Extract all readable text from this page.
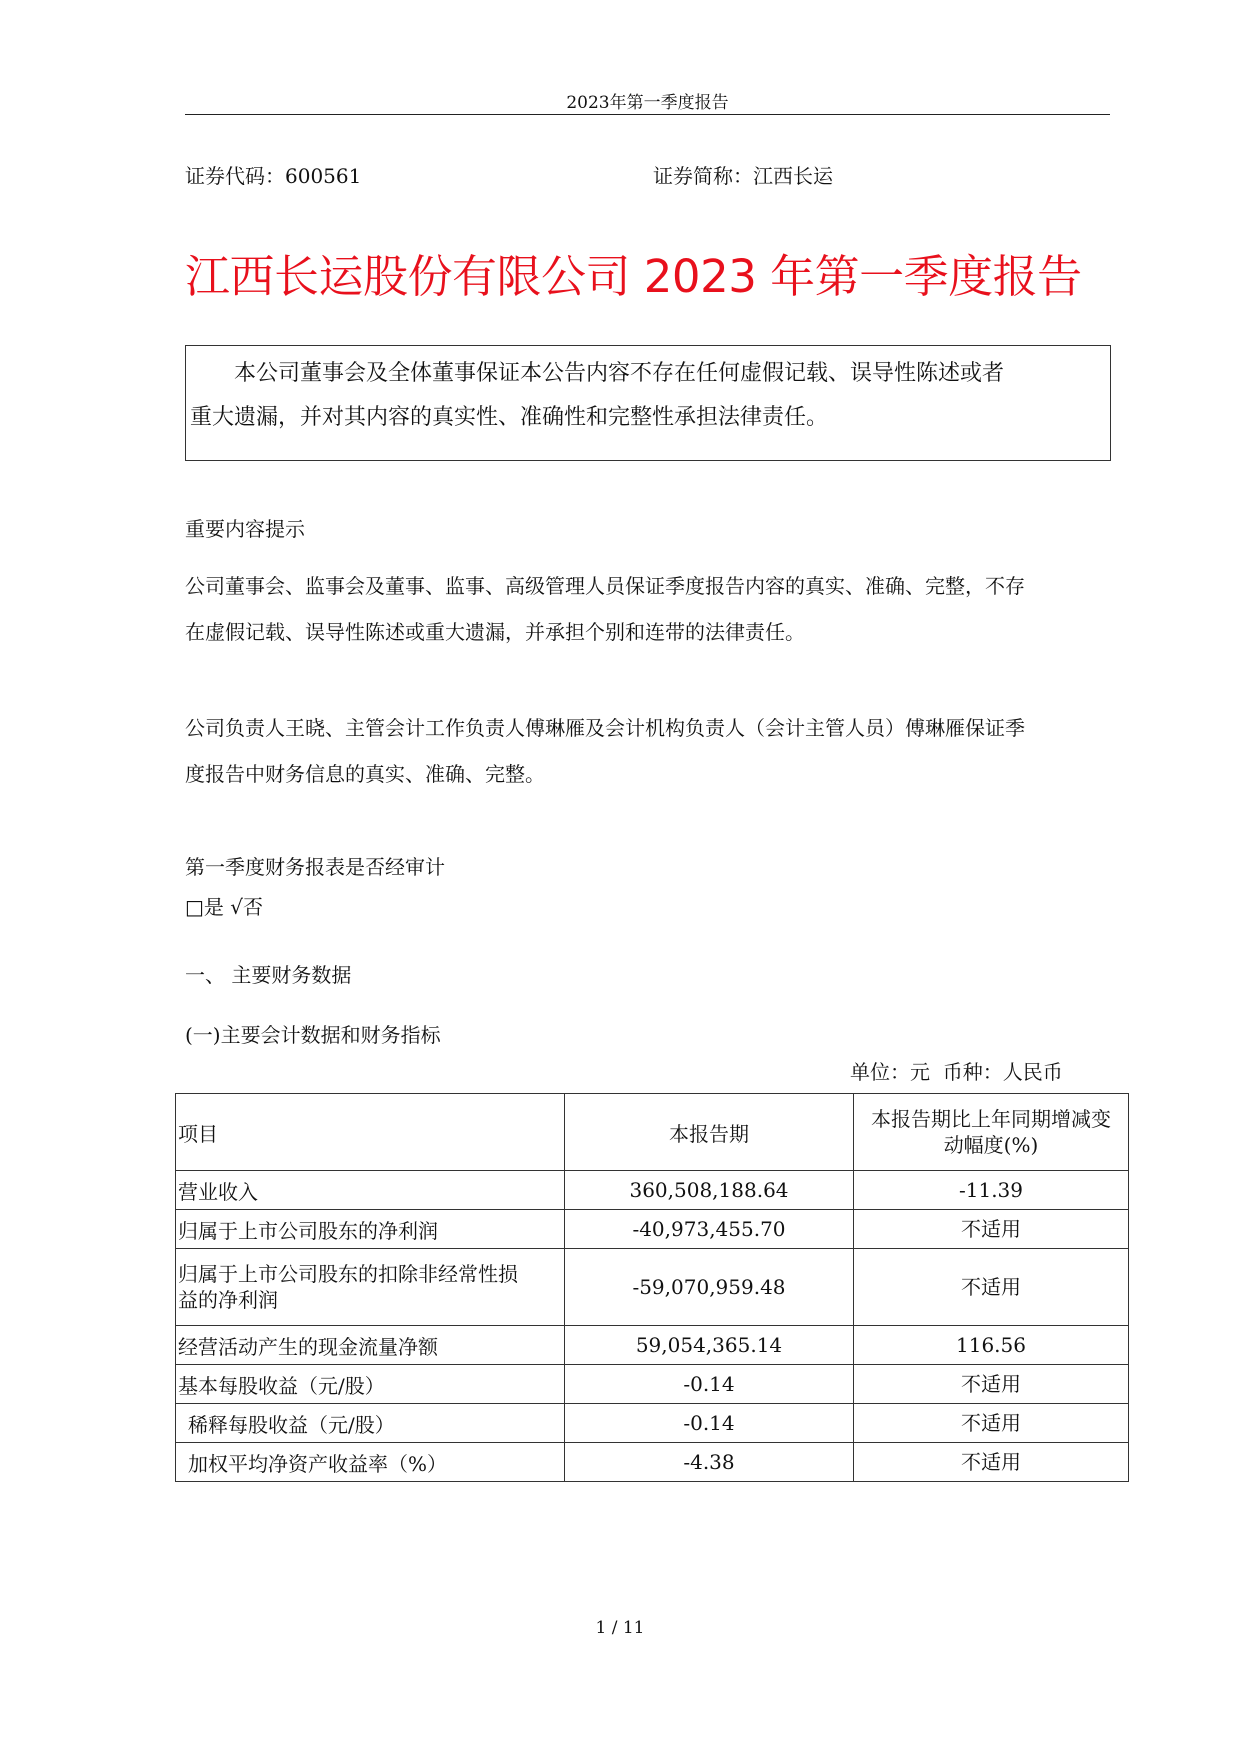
2023年第一季度报告
证券代码：600561	证券简称：江西长运
江西长运股份有限公司 2023 年第一季度报告
本公司董事会及全体董事保证本公告内容不存在任何虚假记载、误导性陈述或者
重大遗漏，并对其内容的真实性、准确性和完整性承担法律责任。
重要内容提示
公司董事会、监事会及董事、监事、高级管理人员保证季度报告内容的真实、准确、完整，不存
在虚假记载、误导性陈述或重大遗漏，并承担个别和连带的法律责任。
公司负责人王晓、主管会计工作负责人傅琳雁及会计机构负责人（会计主管人员）傅琳雁保证季
度报告中财务信息的真实、准确、完整。
第一季度财务报表是否经审计
□是 √否
一、 主要财务数据
(一)主要会计数据和财务指标
单位：元  币种：人民币
项目	本报告期	本报告期比上年同期增减变
动幅度(%)

营业收入	360,508,188.64	-11.39
归属于上市公司股东的净利润	-40,973,455.70	不适用

归属于上市公司股东的扣除非经常性损
益的净利润	-59,070,959.48	不适用
经营活动产生的现金流量净额	59,054,365.14	116.56
基本每股收益（元/股）	-0.14	不适用
稀释每股收益（元/股）	-0.14	不适用
加权平均净资产收益率（%）	-4.38	不适用
1 / 11
